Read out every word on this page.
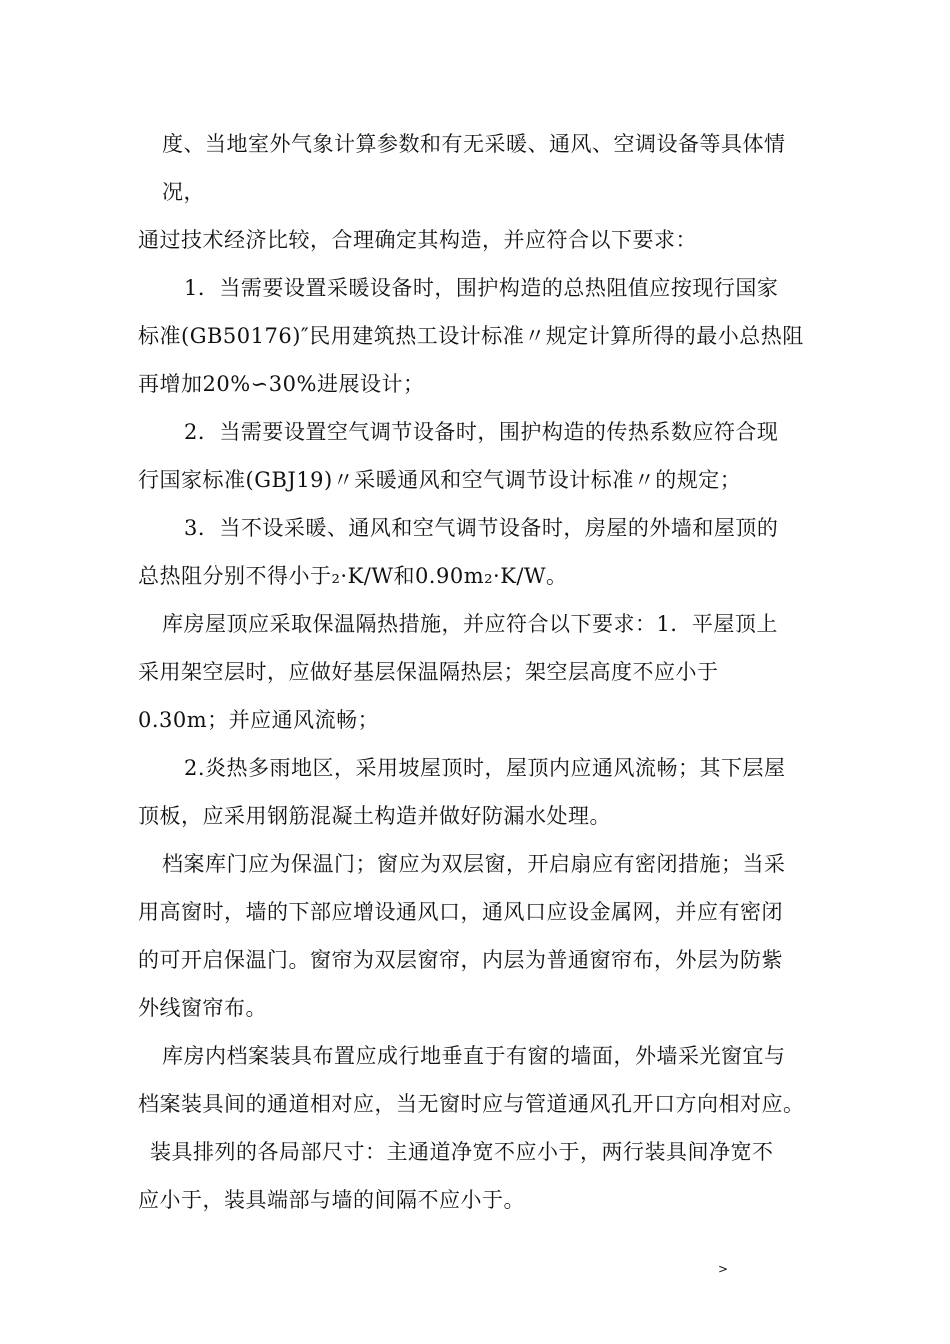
度、当地室外气象计算参数和有无采暖、通风、空调设备等具体情

况，

通过技术经济比较，合理确定其构造，并应符合以下要求：

1．当需要设置采暖设备时，围护构造的总热阻值应按现行国家

标准(GB50176)″民用建筑热工设计标准〃规定计算所得的最小总热阻

再增加20%∽30%进展设计；

2．当需要设置空气调节设备时，围护构造的传热系数应符合现

行国家标准(GBJ19)〃采暖通风和空气调节设计标准〃的规定；

3．当不设采暖、通风和空气调节设备时，房屋的外墙和屋顶的

总热阻分别不得小于₂·K/W和0.90m₂·K/W。

库房屋顶应采取保温隔热措施，并应符合以下要求：1．平屋顶上

采用架空层时，应做好基层保温隔热层；架空层高度不应小于

0.30m；并应通风流畅；

2.炎热多雨地区，采用坡屋顶时，屋顶内应通风流畅；其下层屋

顶板，应采用钢筋混凝土构造并做好防漏水处理。

档案库门应为保温门；窗应为双层窗，开启扇应有密闭措施；当采

用高窗时，墙的下部应增设通风口，通风口应设金属网，并应有密闭

的可开启保温门。窗帘为双层窗帘，内层为普通窗帘布，外层为防紫

外线窗帘布。

库房内档案装具布置应成行地垂直于有窗的墙面，外墙采光窗宜与

档案装具间的通道相对应，当无窗时应与管道通风孔开口方向相对应。

装具排列的各局部尺寸：主通道净宽不应小于，两行装具间净宽不

应小于，装具端部与墙的间隔不应小于。

>
